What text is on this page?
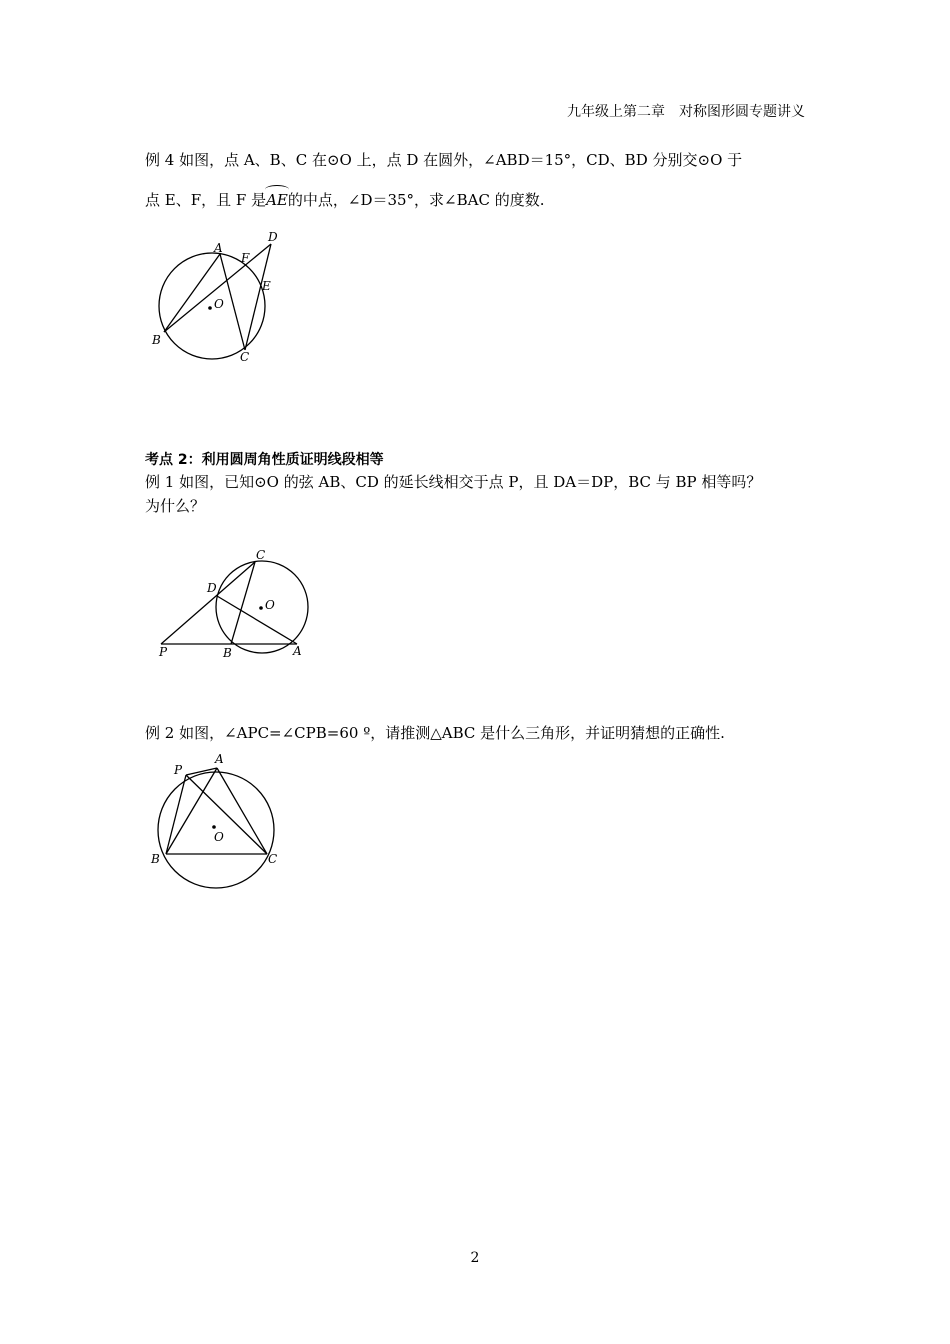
九年级上第二章　对称图形圆专题讲义
例 4 如图，点 A、B、C 在⊙O 上，点 D 在圆外，∠ABD＝15°，CD、BD 分别交⊙O 于
点 E、F，且 F 是AE的中点，∠D＝35°，求∠BAC 的度数.
A
D
F
E
O
B
C
考点 2：利用圆周角性质证明线段相等
例 1 如图，已知⊙O 的弦 AB、CD 的延长线相交于点 P，且 DA＝DP，BC 与 BP 相等吗？
为什么？
C
D
O
P	B	A
例 2 如图，∠APC=∠CPB=60 º，请推测△ABC 是什么三角形，并证明猜想的正确性.
A
P
O
B	C
2
